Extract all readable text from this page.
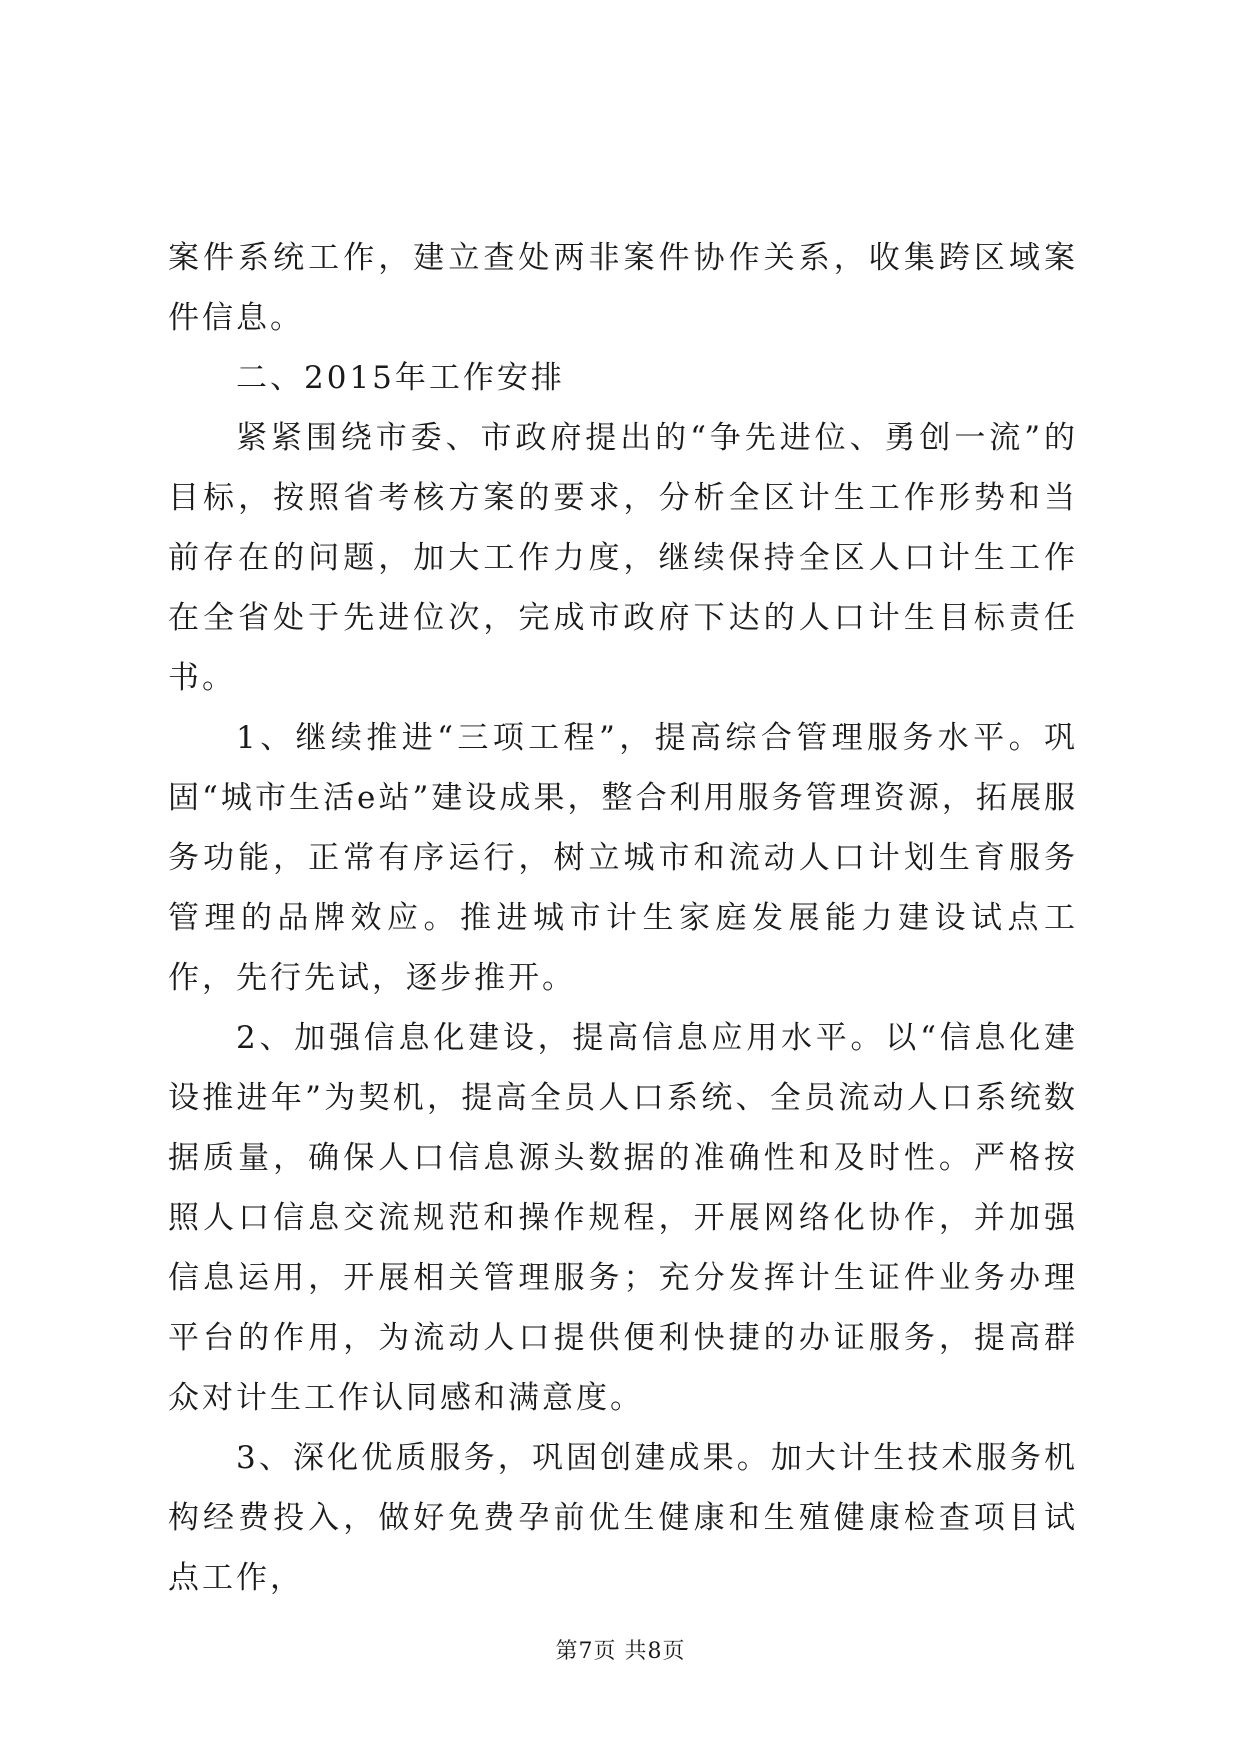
案件系统工作，建立查处两非案件协作关系，收集跨区域案件信息。

二、2015年工作安排

紧紧围绕市委、市政府提出的“争先进位、勇创一流”的目标，按照省考核方案的要求，分析全区计生工作形势和当前存在的问题，加大工作力度，继续保持全区人口计生工作在全省处于先进位次，完成市政府下达的人口计生目标责任书。

1、继续推进“三项工程”，提高综合管理服务水平。巩固“城市生活e站”建设成果，整合利用服务管理资源，拓展服务功能，正常有序运行，树立城市和流动人口计划生育服务管理的品牌效应。推进城市计生家庭发展能力建设试点工作，先行先试，逐步推开。

2、加强信息化建设，提高信息应用水平。以“信息化建设推进年”为契机，提高全员人口系统、全员流动人口系统数据质量，确保人口信息源头数据的准确性和及时性。严格按照人口信息交流规范和操作规程，开展网络化协作，并加强信息运用，开展相关管理服务；充分发挥计生证件业务办理平台的作用，为流动人口提供便利快捷的办证服务，提高群众对计生工作认同感和满意度。

3、深化优质服务，巩固创建成果。加大计生技术服务机构经费投入，做好免费孕前优生健康和生殖健康检查项目试点工作，

第7页 共8页
